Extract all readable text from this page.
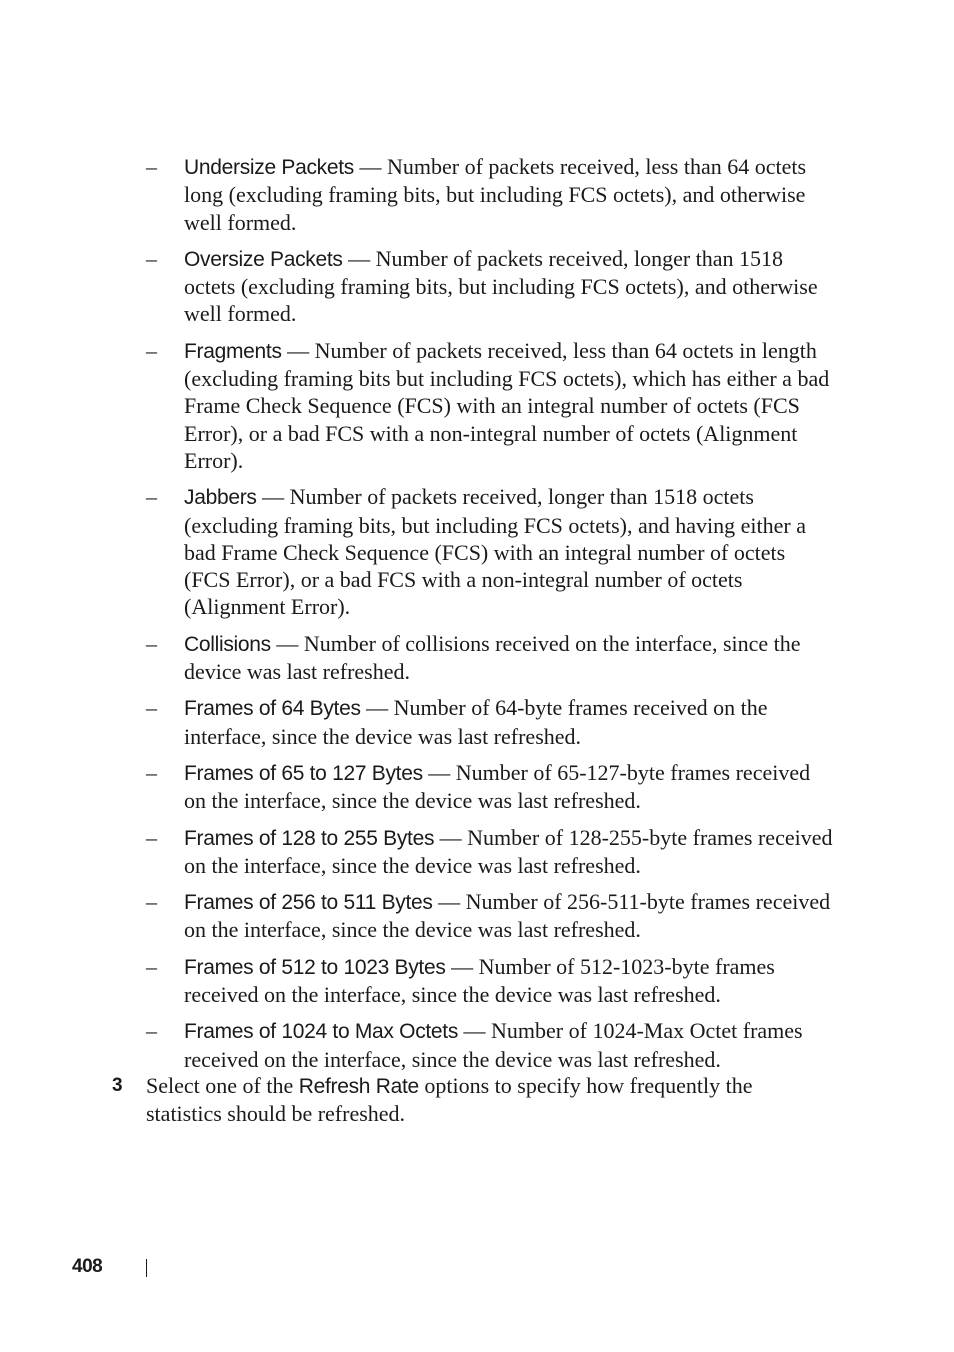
– Undersize Packets — Number of packets received, less than 64 octets long (excluding framing bits, but including FCS octets), and otherwise well formed.
– Oversize Packets — Number of packets received, longer than 1518 octets (excluding framing bits, but including FCS octets), and otherwise well formed.
– Fragments — Number of packets received, less than 64 octets in length (excluding framing bits but including FCS octets), which has either a bad Frame Check Sequence (FCS) with an integral number of octets (FCS Error), or a bad FCS with a non-integral number of octets (Alignment Error).
– Jabbers — Number of packets received, longer than 1518 octets (excluding framing bits, but including FCS octets), and having either a bad Frame Check Sequence (FCS) with an integral number of octets (FCS Error), or a bad FCS with a non-integral number of octets (Alignment Error).
– Collisions — Number of collisions received on the interface, since the device was last refreshed.
– Frames of 64 Bytes — Number of 64-byte frames received on the interface, since the device was last refreshed.
– Frames of 65 to 127 Bytes — Number of 65-127-byte frames received on the interface, since the device was last refreshed.
– Frames of 128 to 255 Bytes — Number of 128-255-byte frames received on the interface, since the device was last refreshed.
– Frames of 256 to 511 Bytes — Number of 256-511-byte frames received on the interface, since the device was last refreshed.
– Frames of 512 to 1023 Bytes — Number of 512-1023-byte frames received on the interface, since the device was last refreshed.
– Frames of 1024 to Max Octets — Number of 1024-Max Octet frames received on the interface, since the device was last refreshed.
3	Select one of the Refresh Rate options to specify how frequently the statistics should be refreshed.
408
